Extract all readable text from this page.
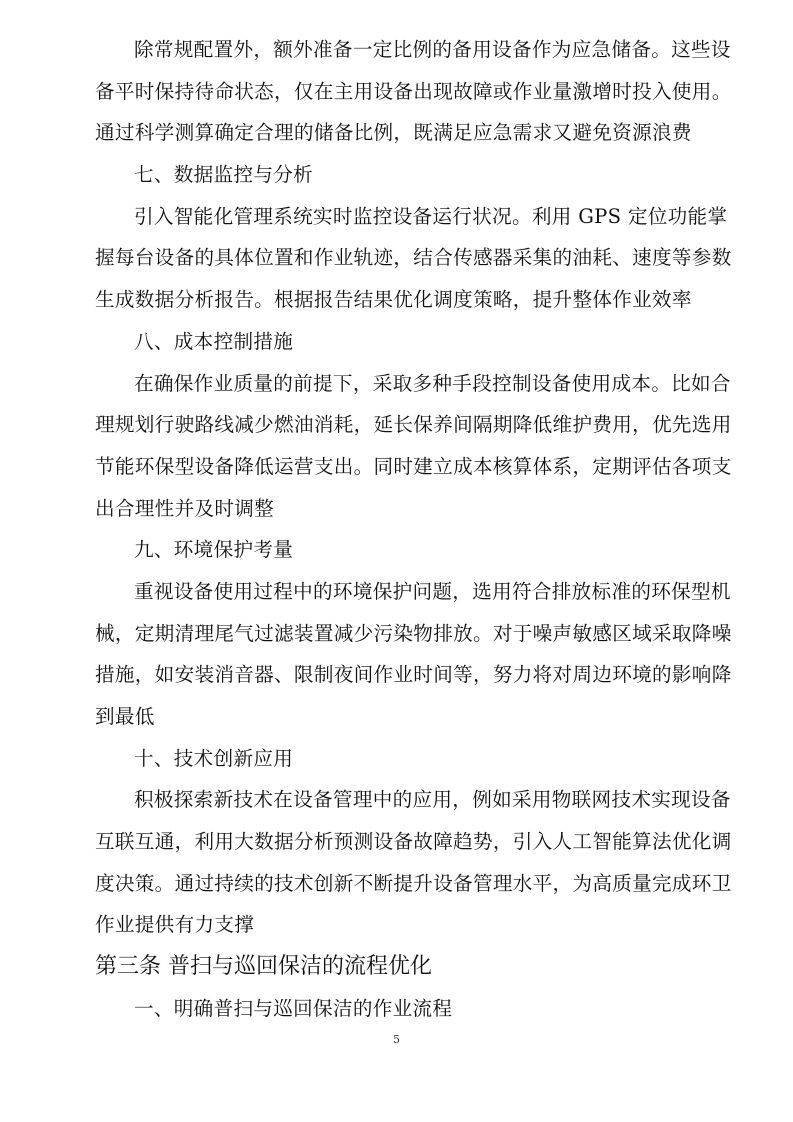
除常规配置外，额外准备一定比例的备用设备作为应急储备。这些设
备平时保持待命状态，仅在主用设备出现故障或作业量激增时投入使用。
通过科学测算确定合理的储备比例，既满足应急需求又避免资源浪费
七、数据监控与分析
引入智能化管理系统实时监控设备运行状况。利用 GPS 定位功能掌
握每台设备的具体位置和作业轨迹，结合传感器采集的油耗、速度等参数
生成数据分析报告。根据报告结果优化调度策略，提升整体作业效率
八、成本控制措施
在确保作业质量的前提下，采取多种手段控制设备使用成本。比如合
理规划行驶路线减少燃油消耗，延长保养间隔期降低维护费用，优先选用
节能环保型设备降低运营支出。同时建立成本核算体系，定期评估各项支
出合理性并及时调整
九、环境保护考量
重视设备使用过程中的环境保护问题，选用符合排放标准的环保型机
械，定期清理尾气过滤装置减少污染物排放。对于噪声敏感区域采取降噪
措施，如安装消音器、限制夜间作业时间等，努力将对周边环境的影响降
到最低
十、技术创新应用
积极探索新技术在设备管理中的应用，例如采用物联网技术实现设备
互联互通，利用大数据分析预测设备故障趋势，引入人工智能算法优化调
度决策。通过持续的技术创新不断提升设备管理水平，为高质量完成环卫
作业提供有力支撑
第三条 普扫与巡回保洁的流程优化
一、明确普扫与巡回保洁的作业流程
5
